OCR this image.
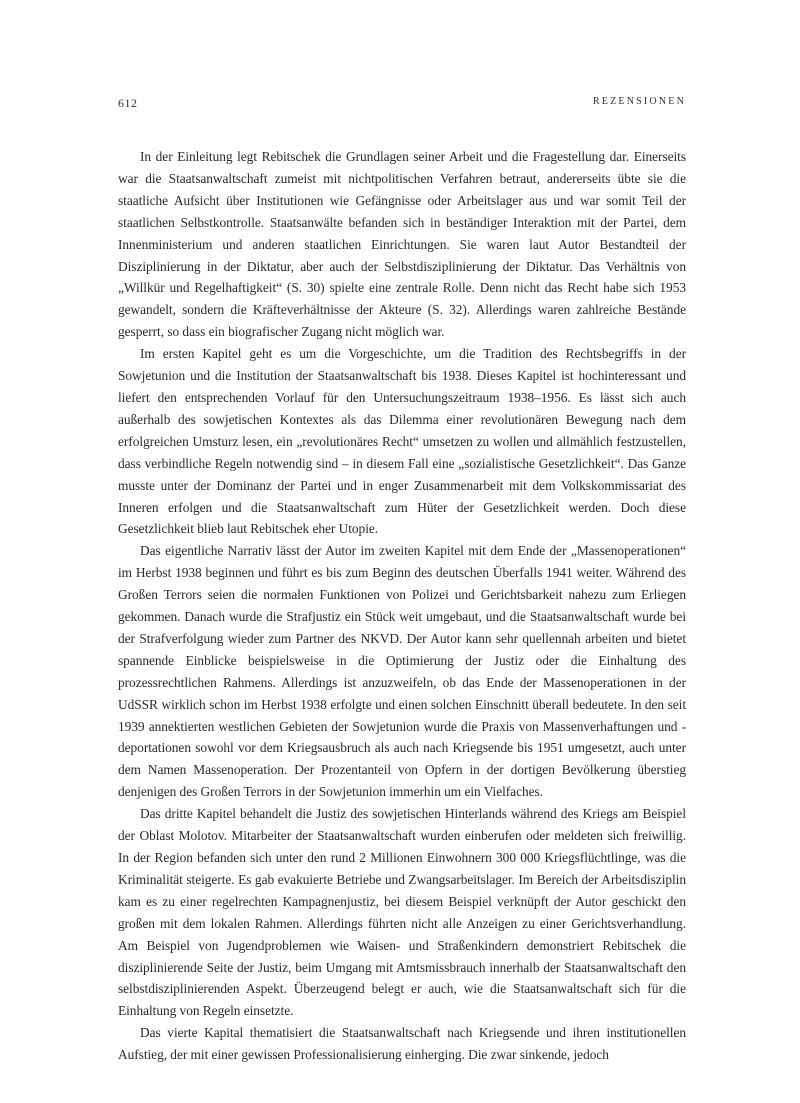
612	REZENSIONEN

In der Einleitung legt Rebitschek die Grundlagen seiner Arbeit und die Fragestellung dar. Einerseits war die Staatsanwaltschaft zumeist mit nichtpolitischen Verfahren betraut, andererseits übte sie die staatliche Aufsicht über Institutionen wie Gefängnisse oder Arbeitslager aus und war somit Teil der staatlichen Selbstkontrolle. Staatsanwälte befanden sich in beständiger Interaktion mit der Partei, dem Innenministerium und anderen staatlichen Einrichtungen. Sie waren laut Autor Bestandteil der Disziplinierung in der Diktatur, aber auch der Selbstdisziplinierung der Diktatur. Das Verhältnis von „Willkür und Regelhaftigkeit“ (S. 30) spielte eine zentrale Rolle. Denn nicht das Recht habe sich 1953 gewandelt, sondern die Kräfteverhältnisse der Akteure (S. 32). Allerdings waren zahlreiche Bestände gesperrt, so dass ein biografischer Zugang nicht möglich war.

Im ersten Kapitel geht es um die Vorgeschichte, um die Tradition des Rechtsbegriffs in der Sowjetunion und die Institution der Staatsanwaltschaft bis 1938. Dieses Kapitel ist hochinteressant und liefert den entsprechenden Vorlauf für den Untersuchungszeitraum 1938–1956. Es lässt sich auch außerhalb des sowjetischen Kontextes als das Dilemma einer revolutionären Bewegung nach dem erfolgreichen Umsturz lesen, ein „revolutionäres Recht“ umsetzen zu wollen und allmählich festzustellen, dass verbindliche Regeln notwendig sind – in diesem Fall eine „sozialistische Gesetzlichkeit“. Das Ganze musste unter der Dominanz der Partei und in enger Zusammenarbeit mit dem Volkskommissariat des Inneren erfolgen und die Staatsanwaltschaft zum Hüter der Gesetzlichkeit werden. Doch diese Gesetzlichkeit blieb laut Rebitschek eher Utopie.

Das eigentliche Narrativ lässt der Autor im zweiten Kapitel mit dem Ende der „Massenoperationen“ im Herbst 1938 beginnen und führt es bis zum Beginn des deutschen Überfalls 1941 weiter. Während des Großen Terrors seien die normalen Funktionen von Polizei und Gerichtsbarkeit nahezu zum Erliegen gekommen. Danach wurde die Strafjustiz ein Stück weit umgebaut, und die Staatsanwaltschaft wurde bei der Strafverfolgung wieder zum Partner des NKVD. Der Autor kann sehr quellennah arbeiten und bietet spannende Einblicke beispielsweise in die Optimierung der Justiz oder die Einhaltung des prozessrechtlichen Rahmens. Allerdings ist anzuzweifeln, ob das Ende der Massenoperationen in der UdSSR wirklich schon im Herbst 1938 erfolgte und einen solchen Einschnitt überall bedeutete. In den seit 1939 annektierten westlichen Gebieten der Sowjetunion wurde die Praxis von Massenverhaftungen und -deportationen sowohl vor dem Kriegsausbruch als auch nach Kriegsende bis 1951 umgesetzt, auch unter dem Namen Massenoperation. Der Prozentanteil von Opfern in der dortigen Bevölkerung überstieg denjenigen des Großen Terrors in der Sowjetunion immerhin um ein Vielfaches.

Das dritte Kapitel behandelt die Justiz des sowjetischen Hinterlands während des Kriegs am Beispiel der Oblast Molotov. Mitarbeiter der Staatsanwaltschaft wurden einberufen oder meldeten sich freiwillig. In der Region befanden sich unter den rund 2 Millionen Einwohnern 300 000 Kriegsflüchtlinge, was die Kriminalität steigerte. Es gab evakuierte Betriebe und Zwangsarbeitslager. Im Bereich der Arbeitsdisziplin kam es zu einer regelrechten Kampagnenjustiz, bei diesem Beispiel verknüpft der Autor geschickt den großen mit dem lokalen Rahmen. Allerdings führten nicht alle Anzeigen zu einer Gerichtsverhandlung. Am Beispiel von Jugendproblemen wie Waisen- und Straßenkindern demonstriert Rebitschek die disziplinierende Seite der Justiz, beim Umgang mit Amtsmissbrauch innerhalb der Staatsanwaltschaft den selbstdisziplinierenden Aspekt. Überzeugend belegt er auch, wie die Staatsanwaltschaft sich für die Einhaltung von Regeln einsetzte.

Das vierte Kapital thematisiert die Staatsanwaltschaft nach Kriegsende und ihren institutionellen Aufstieg, der mit einer gewissen Professionalisierung einherging. Die zwar sinkende, jedoch
